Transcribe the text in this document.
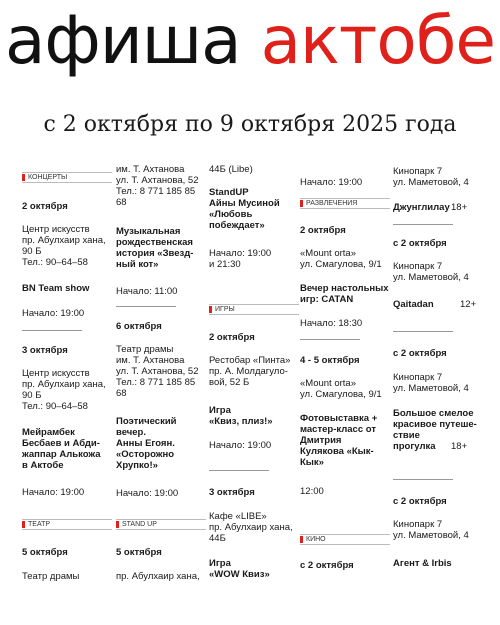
афиша актобе
с 2 октября по 9 октября 2025 года
КОНЦЕРТЫ
2 октября
Центр искусств
пр. Абулхаир хана,
90 Б
Тел.: 90–64–58
BN Team show
Начало: 19:00
3 октября
Центр искусств
пр. Абулхаир хана,
90 Б
Тел.: 90–64–58
Мейрамбек
Бесбаев и Абди-
жаппар Алькожа
в Актобе
Начало: 19:00
ТЕАТР
5 октября
Театр драмы
им. Т. Ахтанова
ул. Т. Ахтанова, 52
Тел.: 8 771 185 85
68
Музыкальная
рождественская
история «Звезд-
ный кот»
Начало: 11:00
6 октября
Театр драмы
им. Т. Ахтанова
ул. Т. Ахтанова, 52
Тел.: 8 771 185 85
68
Поэтический
вечер.
Анны Егоян.
«Осторожно
Хрупко!»
Начало: 19:00
STAND UP
5 октября
пр. Абулхаир хана,
44Б (Libe)
StandUP
Айны Мусиной
«Любовь
побеждает»
Начало: 19:00
и 21:30
ИГРЫ
2 октября
Рестобар «Пинта»
пр. А. Молдагуло-
вой, 52 Б
Игра
«Квиз, плиз!»
Начало: 19:00
3 октября
Кафе «LIBE»
пр. Абулхаир хана,
44Б
Игра
«WOW Квиз»
Начало: 19:00
РАЗВЛЕЧЕНИЯ
2 октября
«Mount orta»
ул. Смагулова, 9/1
Вечер настольных
игр: CATAN
Начало: 18:30
4 - 5 октября
«Mount orta»
ул. Смагулова, 9/1
Фотовыставка +
мастер-класс от
Дмитрия
Кулякова «Кык-
Кык»
12:00
КИНО
с 2 октября
Кинопарк 7
ул. Маметовой, 4
Джунглилау 18+
с 2 октября
Кинопарк 7
ул. Маметовой, 4
Qaitadan	12+
с 2 октября
Кинопарк 7
ул. Маметовой, 4
Большое смелое
красивое путеше-
ствие
прогулка	18+
с 2 октября
Кинопарк 7
ул. Маметовой, 4
Агент & Irbis
